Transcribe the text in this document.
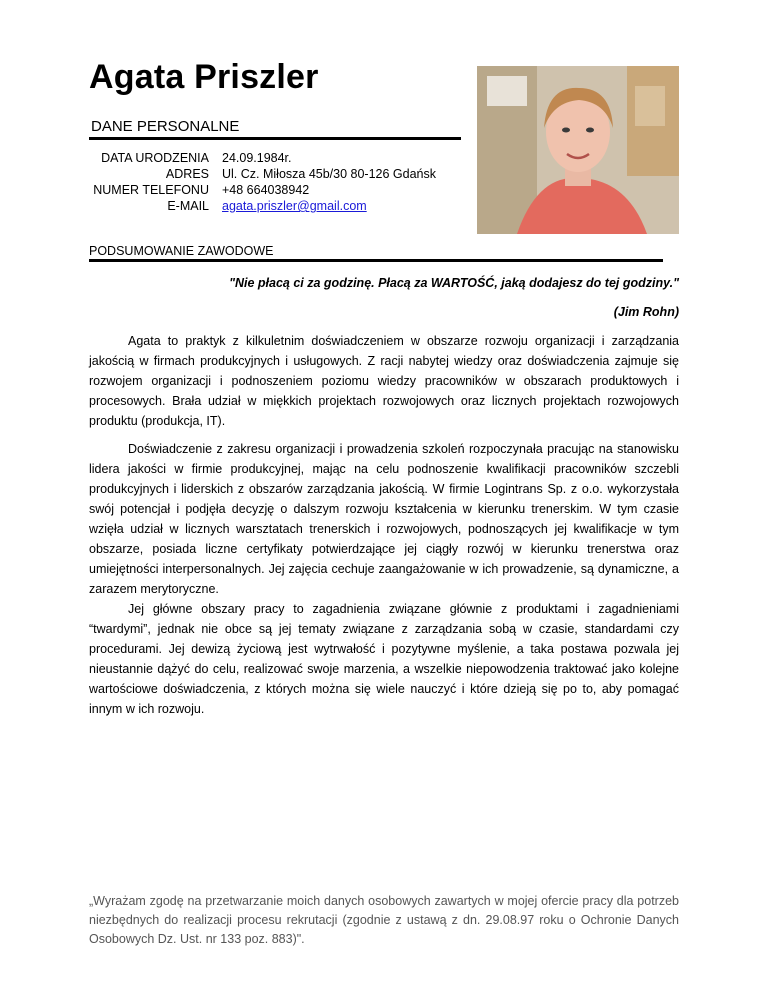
Agata Priszler
DANE PERSONALNE
DATA URODZENIA	24.09.1984r.
ADRES	Ul. Cz. Miłosza 45b/30 80-126 Gdańsk
NUMER TELEFONU	+48 664038942
E-MAIL	agata.priszler@gmail.com
PODSUMOWANIE ZAWODOWE
"Nie płacą ci za godzinę. Płacą za WARTOŚĆ, jaką dodajesz do tej godziny."
(Jim Rohn)

Agata to praktyk z kilkuletnim doświadczeniem w obszarze rozwoju organizacji i zarządzania jakością w firmach produkcyjnych i usługowych. Z racji nabytej wiedzy oraz doświadczenia zajmuje się rozwojem organizacji i podnoszeniem poziomu wiedzy pracowników w obszarach produktowych i procesowych. Brała udział w miękkich projektach rozwojowych oraz licznych projektach rozwojowych produktu (produkcja, IT).

Doświadczenie z zakresu organizacji i prowadzenia szkoleń rozpoczynała pracując na stanowisku lidera jakości w firmie produkcyjnej, mając na celu podnoszenie kwalifikacji pracowników szczebli produkcyjnych i liderskich z obszarów zarządzania jakością. W firmie Logintrans Sp. z o.o. wykorzystała swój potencjał i podjęła decyzję o dalszym rozwoju kształcenia w kierunku trenerskim. W tym czasie wzięła udział w licznych warsztatach trenerskich i rozwojowych, podnoszących jej kwalifikacje w tym obszarze, posiada liczne certyfikaty potwierdzające jej ciągły rozwój w kierunku trenerstwa oraz umiejętności interpersonalnych. Jej zajęcia cechuje zaangażowanie w ich prowadzenie, są dynamiczne, a zarazem merytoryczne.

Jej główne obszary pracy to zagadnienia związane głównie z produktami i zagadnieniami “twardymi”, jednak nie obce są jej tematy związane z zarządzania sobą w czasie, standardami czy procedurami. Jej dewizą życiową jest wytrwałość i pozytywne myślenie, a taka postawa pozwala jej nieustannie dążyć do celu, realizować swoje marzenia, a wszelkie niepowodzenia traktować jako kolejne wartościowe doświadczenia, z których można się wiele nauczyć i które dzieją się po to, aby pomagać innym w ich rozwoju.

„Wyrażam zgodę na przetwarzanie moich danych osobowych zawartych w mojej ofercie pracy dla potrzeb niezbędnych do realizacji procesu rekrutacji (zgodnie z ustawą z dn. 29.08.97 roku o Ochronie Danych Osobowych Dz. Ust. nr 133 poz. 883)".
